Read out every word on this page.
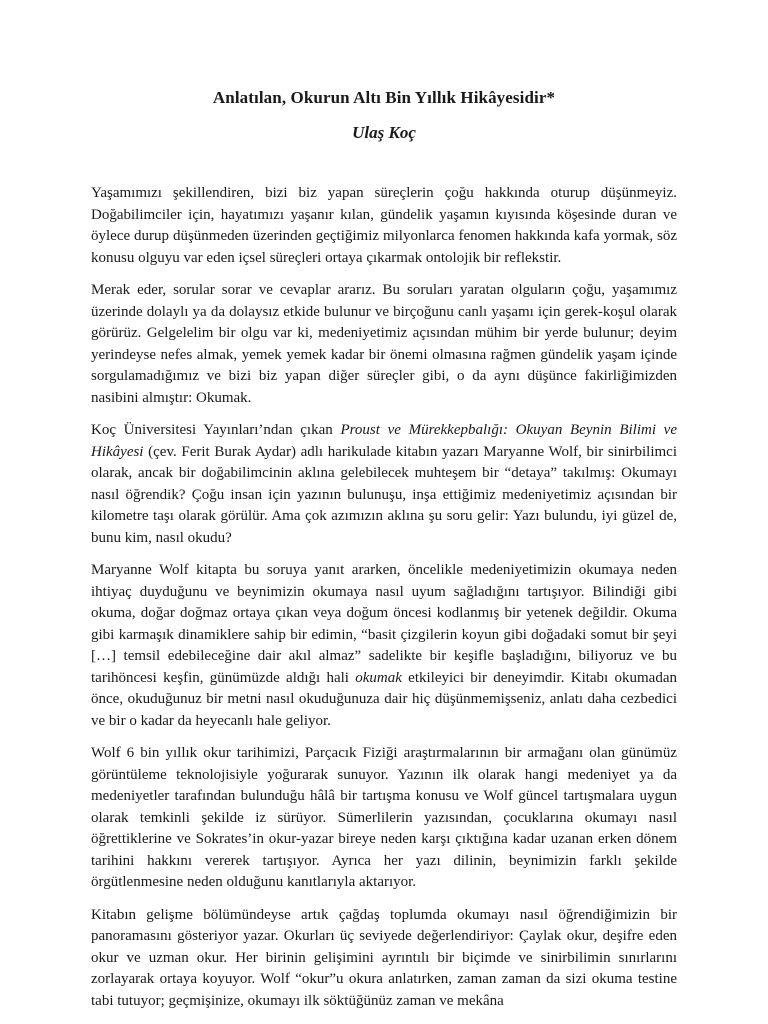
Anlatılan, Okurun Altı Bin Yıllık Hikâyesidir*
Ulaş Koç

Yaşamımızı şekillendiren, bizi biz yapan süreçlerin çoğu hakkında oturup düşünmeyiz. Doğabilimciler için, hayatımızı yaşanır kılan, gündelik yaşamın kıyısında köşesinde duran ve öylece durup düşünmeden üzerinden geçtiğimiz milyonlarca fenomen hakkında kafa yormak, söz konusu olguyu var eden içsel süreçleri ortaya çıkarmak ontolojik bir reflekstir.

Merak eder, sorular sorar ve cevaplar ararız. Bu soruları yaratan olguların çoğu, yaşamımız üzerinde dolaylı ya da dolaysız etkide bulunur ve birçoğunu canlı yaşamı için gerek-koşul olarak görürüz. Gelgelelim bir olgu var ki, medeniyetimiz açısından mühim bir yerde bulunur; deyim yerindeyse nefes almak, yemek yemek kadar bir önemi olmasına rağmen gündelik yaşam içinde sorgulamadığımız ve bizi biz yapan diğer süreçler gibi, o da aynı düşünce fakirliğimizden nasibini almıştır: Okumak.

Koç Üniversitesi Yayınları’ndan çıkan Proust ve Mürekkepbalığı: Okuyan Beynin Bilimi ve Hikâyesi (çev. Ferit Burak Aydar) adlı harikulade kitabın yazarı Maryanne Wolf, bir sinirbilimci olarak, ancak bir doğabilimcinin aklına gelebilecek muhteşem bir “detaya” takılmış: Okumayı nasıl öğrendik? Çoğu insan için yazının bulunuşu, inşa ettiğimiz medeniyetimiz açısından bir kilometre taşı olarak görülür. Ama çok azımızın aklına şu soru gelir: Yazı bulundu, iyi güzel de, bunu kim, nasıl okudu?

Maryanne Wolf kitapta bu soruya yanıt ararken, öncelikle medeniyetimizin okumaya neden ihtiyaç duyduğunu ve beynimizin okumaya nasıl uyum sağladığını tartışıyor. Bilindiği gibi okuma, doğar doğmaz ortaya çıkan veya doğum öncesi kodlanmış bir yetenek değildir. Okuma gibi karmaşık dinamiklere sahip bir edimin, “basit çizgilerin koyun gibi doğadaki somut bir şeyi […] temsil edebileceğine dair akıl almaz” sadelikte bir keşifle başladığını, biliyoruz ve bu tarihöncesi keşfin, günümüzde aldığı hali okumak etkileyici bir deneyimdir. Kitabı okumadan önce, okuduğunuz bir metni nasıl okuduğunuza dair hiç düşünmemişseniz, anlatı daha cezbedici ve bir o kadar da heyecanlı hale geliyor.

Wolf 6 bin yıllık okur tarihimizi, Parçacık Fiziği araştırmalarının bir armağanı olan günümüz görüntüleme teknolojisiyle yoğurarak sunuyor. Yazının ilk olarak hangi medeniyet ya da medeniyetler tarafından bulunduğu hâlâ bir tartışma konusu ve Wolf güncel tartışmalara uygun olarak temkinli şekilde iz sürüyor. Sümerlilerin yazısından, çocuklarına okumayı nasıl öğrettiklerine ve Sokrates’in okur-yazar bireye neden karşı çıktığına kadar uzanan erken dönem tarihini hakkını vererek tartışıyor. Ayrıca her yazı dilinin, beynimizin farklı şekilde örgütlenmesine neden olduğunu kanıtlarıyla aktarıyor.

Kitabın gelişme bölümündeyse artık çağdaş toplumda okumayı nasıl öğrendiğimizin bir panoramasını gösteriyor yazar. Okurları üç seviyede değerlendiriyor: Çaylak okur, deşifre eden okur ve uzman okur. Her birinin gelişimini ayrıntılı bir biçimde ve sinirbilimin sınırlarını zorlayarak ortaya koyuyor. Wolf “okur”u okura anlatırken, zaman zaman da sizi okuma testine tabi tutuyor; geçmişinize, okumayı ilk söktüğünüz zaman ve mekâna
